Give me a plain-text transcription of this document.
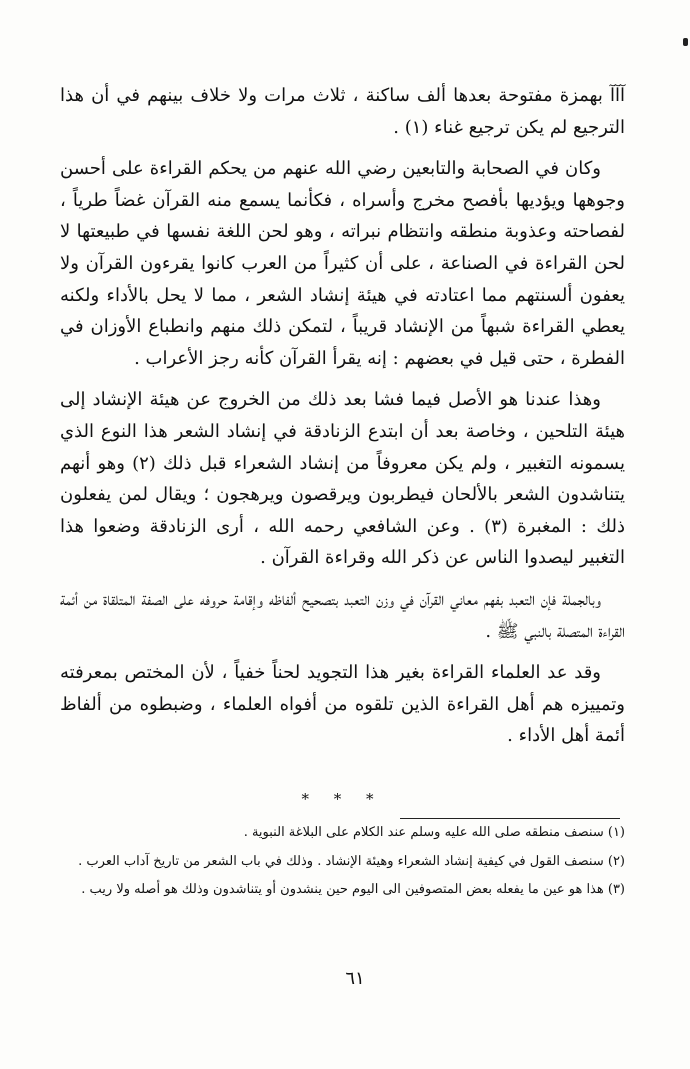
آآآ بهمزة مفتوحة بعدها ألف ساكنة ، ثلاث مرات ولا خلاف بينهم في أن هذا الترجيع لم يكن ترجيع غناء (١) .

وكان في الصحابة والتابعين رضي الله عنهم من يحكم القراءة على أحسن وجوهها ويؤديها بأفصح مخرج وأسراه ، فكأنما يسمع منه القرآن غضاً طرياً ، لفصاحته وعذوبة منطقه وانتظام نبراته ، وهو لحن اللغة نفسها في طبيعتها لا لحن القراءة في الصناعة ، على أن كثيراً من العرب كانوا يقرءون القرآن ولا يعفون ألسنتهم مما اعتادته في هيئة إنشاد الشعر ، مما لا يحل بالأداء ولكنه يعطي القراءة شبهاً من الإنشاد قريباً ، لتمكن ذلك منهم وانطباع الأوزان في الفطرة ، حتى قيل في بعضهم : إنه يقرأ القرآن كأنه رجز الأعراب .

وهذا عندنا هو الأصل فيما فشا بعد ذلك من الخروج عن هيئة الإنشاد إلى هيئة التلحين ، وخاصة بعد أن ابتدع الزنادقة في إنشاد الشعر هذا النوع الذي يسمونه التغبير ، ولم يكن معروفاً من إنشاد الشعراء قبل ذلك (٢) وهو أنهم يتناشدون الشعر بالألحان فيطربون ويرقصون ويرهجون ؛ ويقال لمن يفعلون ذلك : المغبرة (٣) . وعن الشافعي رحمه الله ، أرى الزنادقة وضعوا هذا التغبير ليصدوا الناس عن ذكر الله وقراءة القرآن .

وبالجملة فإن التعبد بفهم معاني القرآن في وزن التعبد بتصحيح ألفاظه وإقامة حروفه على الصفة المتلقاة من أئمة القراءة المتصلة بالنبي ﷺ .

وقد عد العلماء القراءة بغير هذا التجويد لحناً خفياً ، لأن المختص بمعرفته وتمييزه هم أهل القراءة الذين تلقوه من أفواه العلماء ، وضبطوه من ألفاظ أئمة أهل الأداء .

* * *

(١) سنصف منطقه صلى الله عليه وسلم عند الكلام على البلاغة النبوية .

(٢) سنصف القول في كيفية إنشاد الشعراء وهيئة الإنشاد . وذلك في باب الشعر من تاريخ آداب العرب .

(٣) هذا هو عين ما يفعله بعض المتصوفين الى اليوم حين ينشدون أو يتناشدون وذلك هو أصله ولا ريب .

٦١
